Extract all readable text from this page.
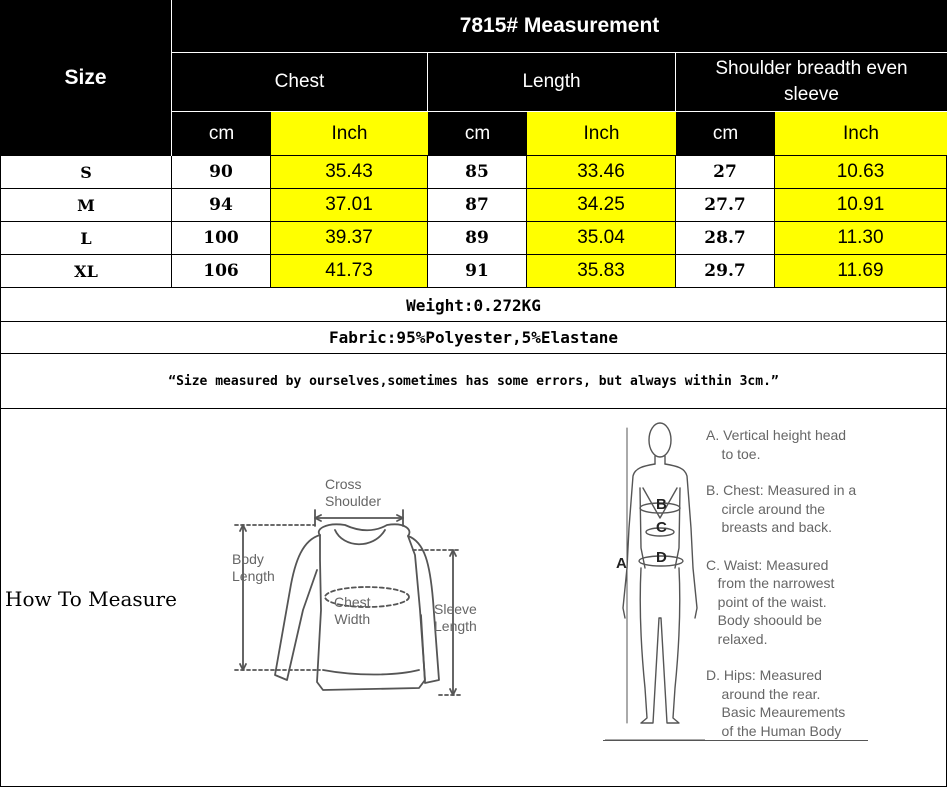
Size
7815# Measurement
Chest	Length
Shoulder breadth even sleeve
cm	Inch	cm	Inch	cm	Inch
S	90	35.43	85	33.46	27	10.63
M	94	37.01	87	34.25	27.7	10.91
L	100	39.37	89	35.04	28.7	11.30
XL	106	41.73	91	35.83	29.7	11.69
Weight:0.272KG
Fabric:95%Polyester,5%Elastane
“Size measured by ourselves,sometimes has some errors, but always within 3cm.”
How To Measure
Cross
Shoulder
Body
Length
Chest
Width
Sleeve
Length
A
B
C
D
A. Vertical height head
to toe.
B. Chest: Measured in a
circle around the
breasts and back.
C. Waist: Measured
from the narrowest
point of the waist.
Body shoould be
relaxed.
D. Hips: Measured
around the rear.
Basic Meaurements
of the Human Body
